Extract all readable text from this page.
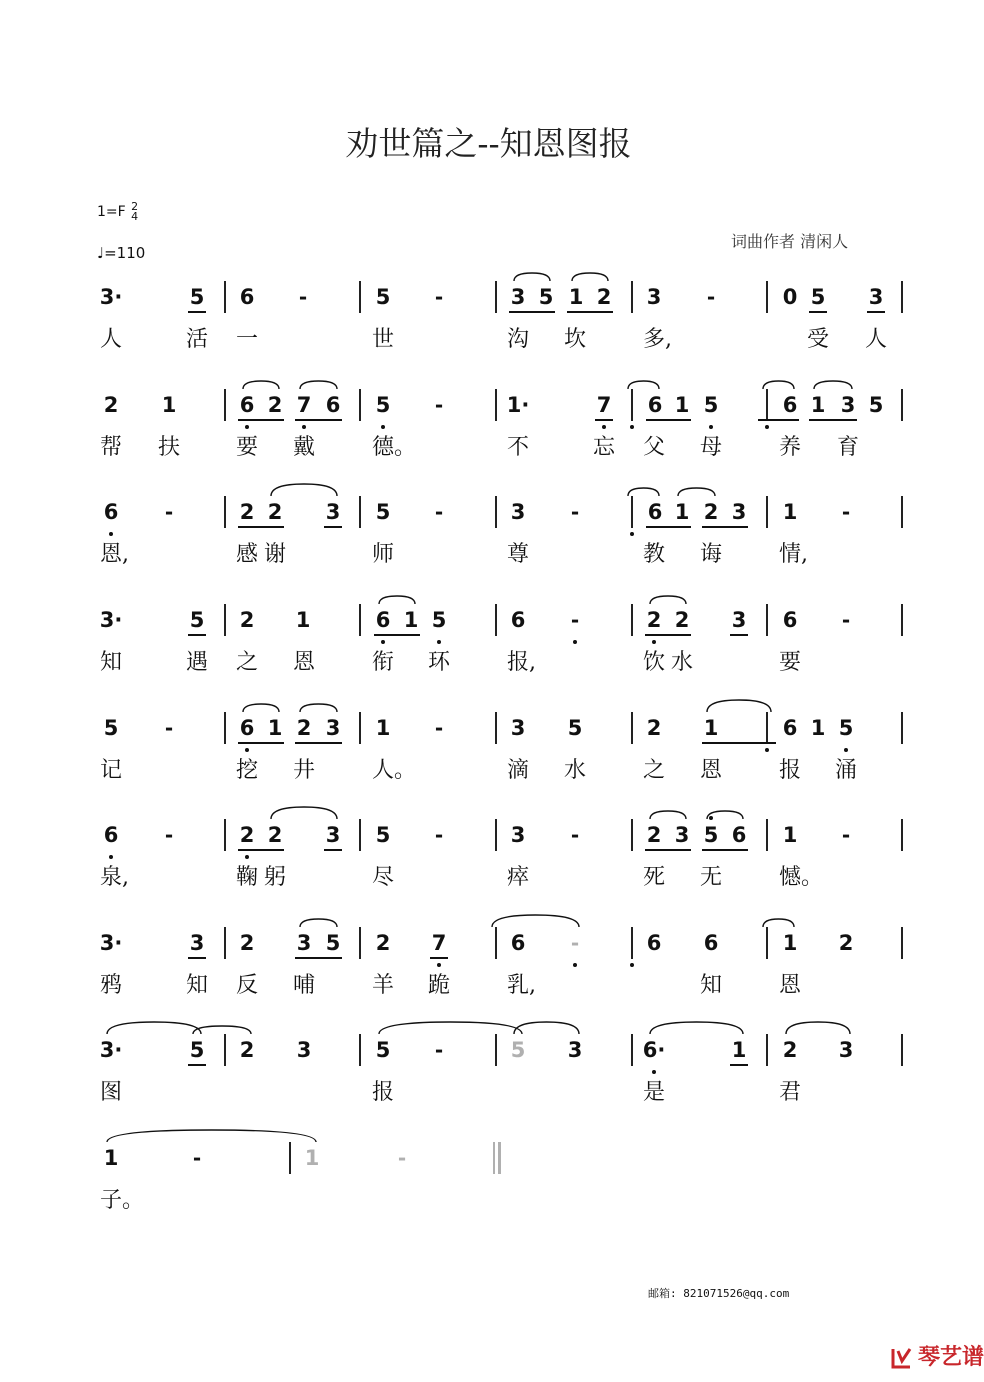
劝世篇之--知恩图报
1=F 2
4
♩=110
词曲作者 清闲人
3·	5 6	-	5	-	3 5 1 2 3	-	0 5 3
人	活 一	世	沟 坎	多,	受 人
2 1	6 2 7 6 5	-	1·	7 6 1 5	6 1 3 5
帮 扶	要 戴	德。	不	忘 父 母	养 育
6	-	2 2 3 5	-	3	-	6 1 2 3 1	-
恩,	感 谢	师	尊	教 诲	情,
3·	5 2 1	6 1 5	6	-	2 2 3 6	-
知	遇 之 恩	衔 环	报,	饮 水	要
5	-	6 1 2 3 1	-	3 5	2 1	6 1 5
记	挖 井	人。	滴 水	之 恩	报 涌
6	-	2 2 3 5	-	3	-	2 3 5 6 1	-
泉,	鞠 躬	尽	瘁	死 无	憾。
3·	3 2 3 5 2 7	6	-	6 6	1 2
鸦	知 反 哺	羊 跪	乳,	知	恩
3·	5 2 3	5	-	5 3	6·	1 2 3
图	报	是	君
1	-	1	-
子。
邮箱: 821071526@qq.com
琴艺谱
